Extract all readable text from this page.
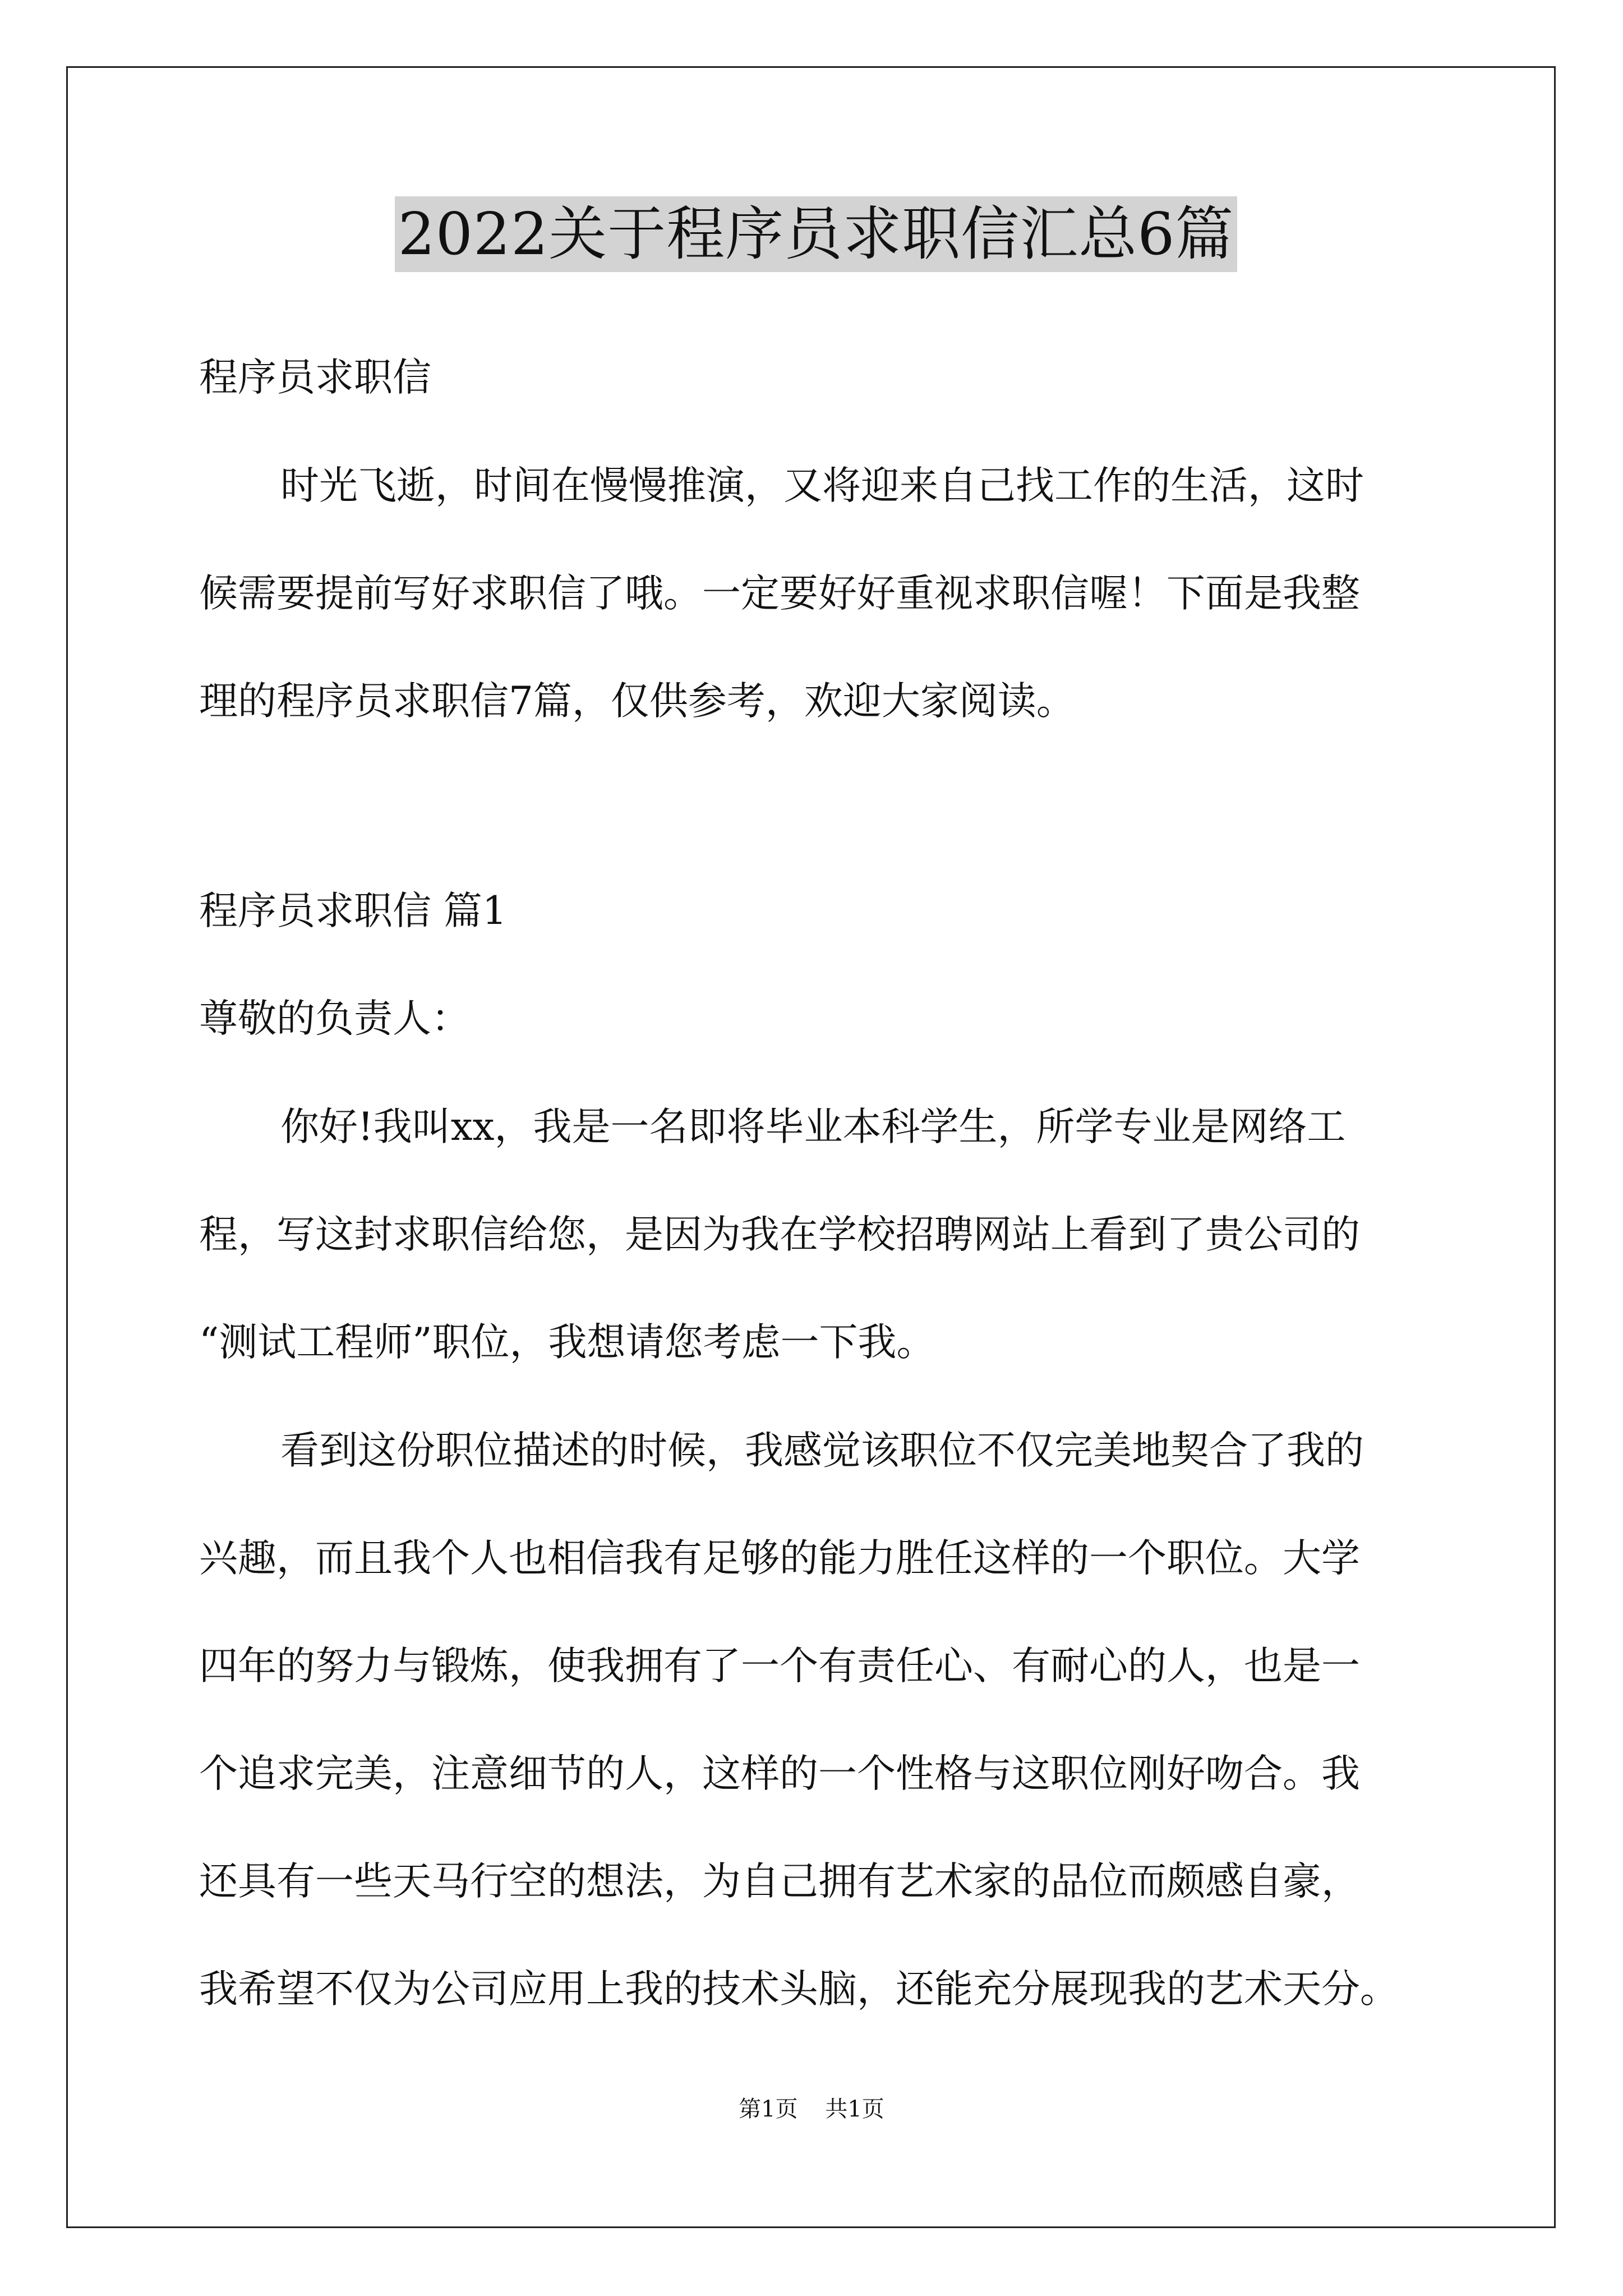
2022关于程序员求职信汇总6篇
程序员求职信
时光飞逝，时间在慢慢推演，又将迎来自己找工作的生活，这时
候需要提前写好求职信了哦。一定要好好重视求职信喔！下面是我整
理的程序员求职信7篇，仅供参考，欢迎大家阅读。
程序员求职信 篇1
尊敬的负责人：
你好!我叫xx，我是一名即将毕业本科学生，所学专业是网络工
程，写这封求职信给您，是因为我在学校招聘网站上看到了贵公司的
“测试工程师”职位，我想请您考虑一下我。
看到这份职位描述的时候，我感觉该职位不仅完美地契合了我的
兴趣，而且我个人也相信我有足够的能力胜任这样的一个职位。大学
四年的努力与锻炼，使我拥有了一个有责任心、有耐心的人，也是一
个追求完美，注意细节的人，这样的一个性格与这职位刚好吻合。我
还具有一些天马行空的想法，为自己拥有艺术家的品位而颇感自豪，
我希望不仅为公司应用上我的技术头脑，还能充分展现我的艺术天分。
第1页 共1页
